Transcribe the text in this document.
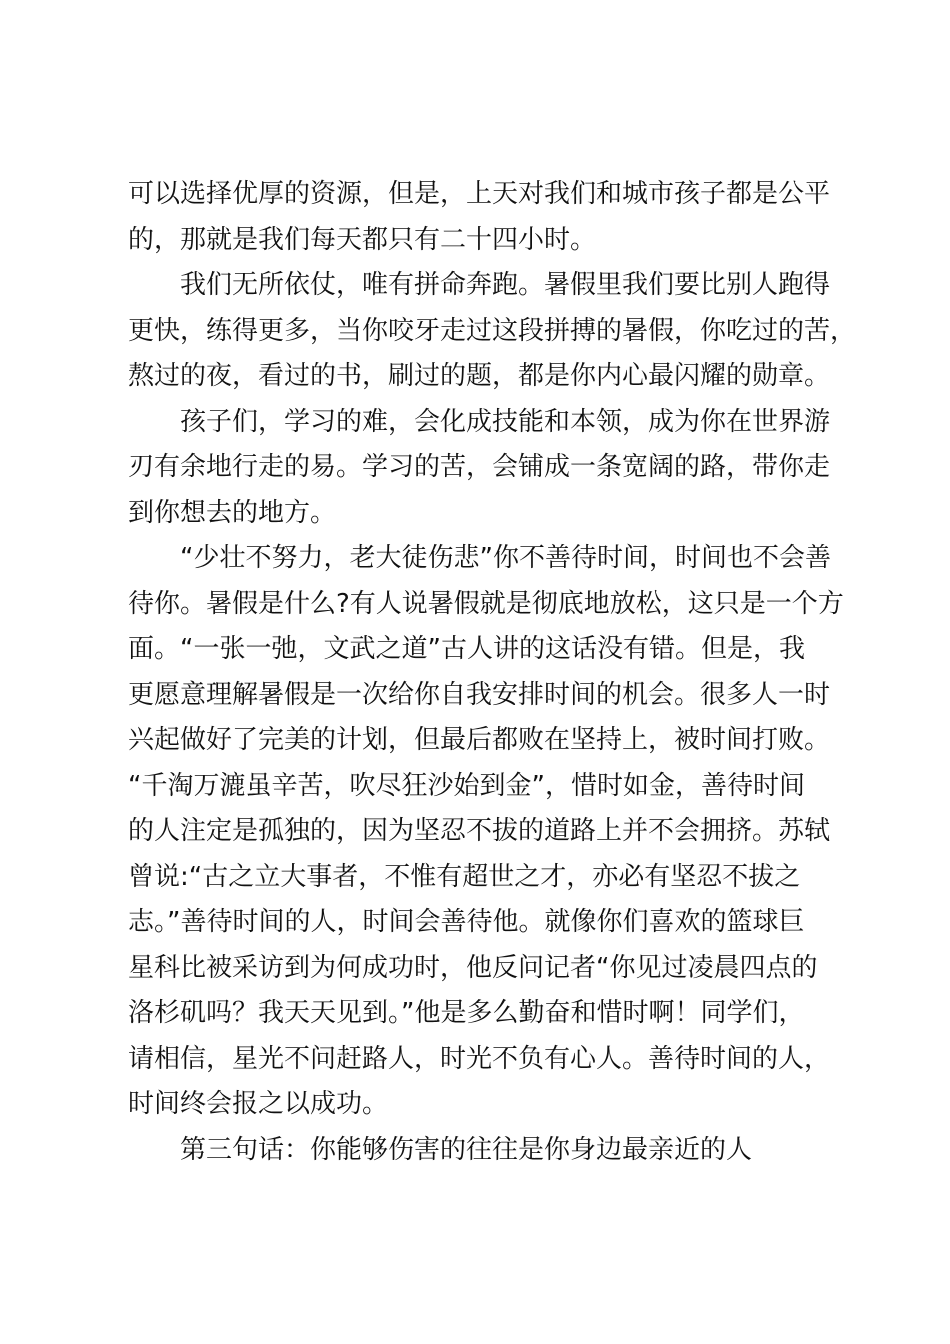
可以选择优厚的资源，但是，上天对我们和城市孩子都是公平
的，那就是我们每天都只有二十四小时。
我们无所依仗，唯有拼命奔跑。暑假里我们要比别人跑得
更快，练得更多，当你咬牙走过这段拼搏的暑假，你吃过的苦，
熬过的夜，看过的书，刷过的题，都是你内心最闪耀的勋章。
孩子们，学习的难，会化成技能和本领，成为你在世界游
刃有余地行走的易。学习的苦，会铺成一条宽阔的路，带你走
到你想去的地方。
“少壮不努力，老大徒伤悲”你不善待时间，时间也不会善
待你。暑假是什么?有人说暑假就是彻底地放松，这只是一个方
面。“一张一弛，文武之道”古人讲的这话没有错。但是，我
更愿意理解暑假是一次给你自我安排时间的机会。很多人一时
兴起做好了完美的计划，但最后都败在坚持上，被时间打败。
“千淘万漉虽辛苦，吹尽狂沙始到金”，惜时如金，善待时间
的人注定是孤独的，因为坚忍不拔的道路上并不会拥挤。苏轼
曾说:“古之立大事者，不惟有超世之才，亦必有坚忍不拔之
志。”善待时间的人，时间会善待他。就像你们喜欢的篮球巨
星科比被采访到为何成功时，他反问记者“你见过凌晨四点的
洛杉矶吗？我天天见到。”他是多么勤奋和惜时啊！同学们，
请相信，星光不问赶路人，时光不负有心人。善待时间的人，
时间终会报之以成功。
第三句话：你能够伤害的往往是你身边最亲近的人
